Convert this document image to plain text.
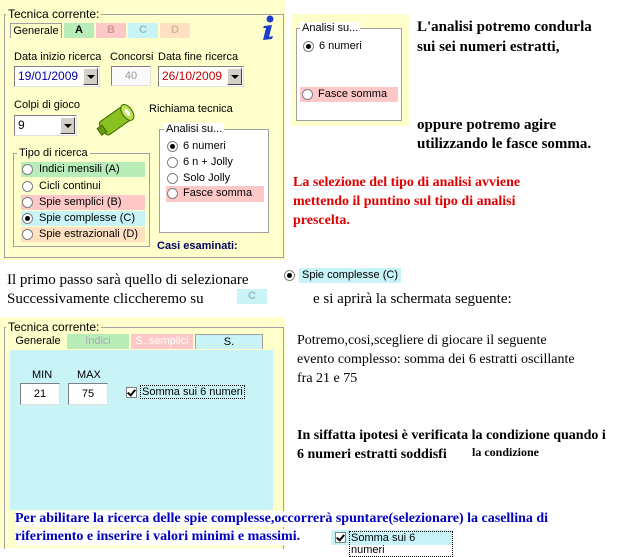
Tecnica corrente:
Generale	A	B	C	D
Data inizio ricerca
19/01/2009
Concorsi
40
Data fine ricerca
26/10/2009
Colpi di gioco
9
Richiama tecnica
Tipo di ricerca
Indici mensili (A)
Cicli continui
Spie semplici (B)
Spie complesse (C)
Spie estrazionali (D)
Analisi su...
6 numeri
6 n + Jolly
Solo Jolly
Fasce somma
Casi esaminati:
Analisi su...
6 numeri
Fasce somma
L'analisi potremo condurla
sui sei numeri estratti,
oppure potremo agire
utilizzando le fasce somma.
La selezione del tipo di analisi avviene
mettendo il puntino sul tipo di analisi
prescelta.
Il primo passo sarà quello di selezionare
Successivamente cliccheremo su
Spie complesse (C)
C	e si aprirà la schermata seguente:
Tecnica corrente:
Generale	Indici	S. semplici	S.
MIN MAX
21	75	Somma sui 6 numeri
Potremo,cosi,scegliere di giocare il seguente
evento complesso: somma dei 6 estratti oscillante
fra 21 e 75
In siffatta ipotesi è verificata la condizione quando i
6 numeri estratti soddisfi la condizione
Per abilitare la ricerca delle spie complesse,occorrerà spuntare(selezionare) la casellina di
riferimento e inserire i valori minimi e massimi.	Somma sui 6 numeri
